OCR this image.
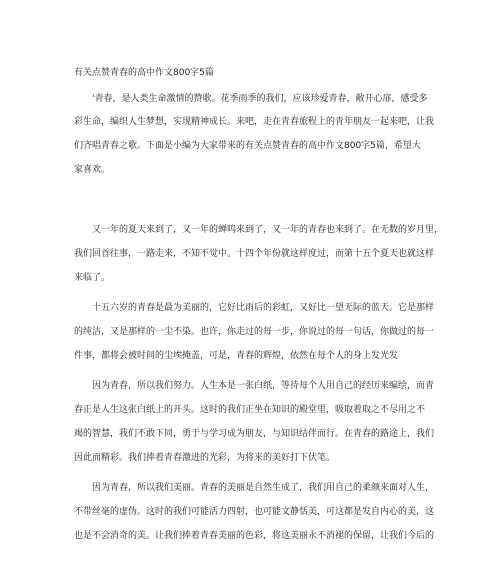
有关点赞青春的高中作文800字5篇
'青春，是人类生命激情的赞歌。花季雨季的我们，应该珍爱青春，敞开心扉，感受多
彩生命，编织人生梦想，实现精神成长。来吧，走在青春旅程上的青年朋友一起来吧，让我
们齐唱青春之歌。下面是小编为大家带来的有关点赞青春的高中作文800字5篇，希望大
家喜欢。
又一年的夏天来到了，又一年的蝉鸣来到了，又一年的青春也来到了。在无数的岁月里，
我们回首往事，一路走来，不知不觉中。十四个年份就这样度过，而第十五个夏天也就这样
来临了。
十五六岁的青春是最为美丽的，它好比雨后的彩虹，又好比一望无际的蓝天。它是那样
的纯洁，又是那样的一尘不染。也许，你走过的每一步，你说过的每一句话，你做过的每一
件事，都将会被时间的尘埃掩盖，可是，青春的辉煌，依然在每个人的身上发光发
因为青春，所以我们努力。人生本是一张白纸，等待每个人用自己的经历来编绘，而青
春正是人生这张白纸上的开头。这时的我们正坐在知识的殿堂里，吸取着取之不尽用之不
竭的智慧，我们不敢下同，勇于与学习成为朋友，与知识结伴而行。在青春的路途上，我们
因此而精彩。我们捧着青春激进的光彩，为将来的美好打下伏笔。
因为青春，所以我们美丽。青春的美丽是自然生成了，我们用自己的柔颜来面对人生，
不带丝毫的虚伪。这时的我们可能活力四射，也可能文静恬美，可这都是发自内心的美，这
也是不会消奇的美。让我们捧着青春美丽的色彩，将这美丽永不消褪的保留，让我们今后的
